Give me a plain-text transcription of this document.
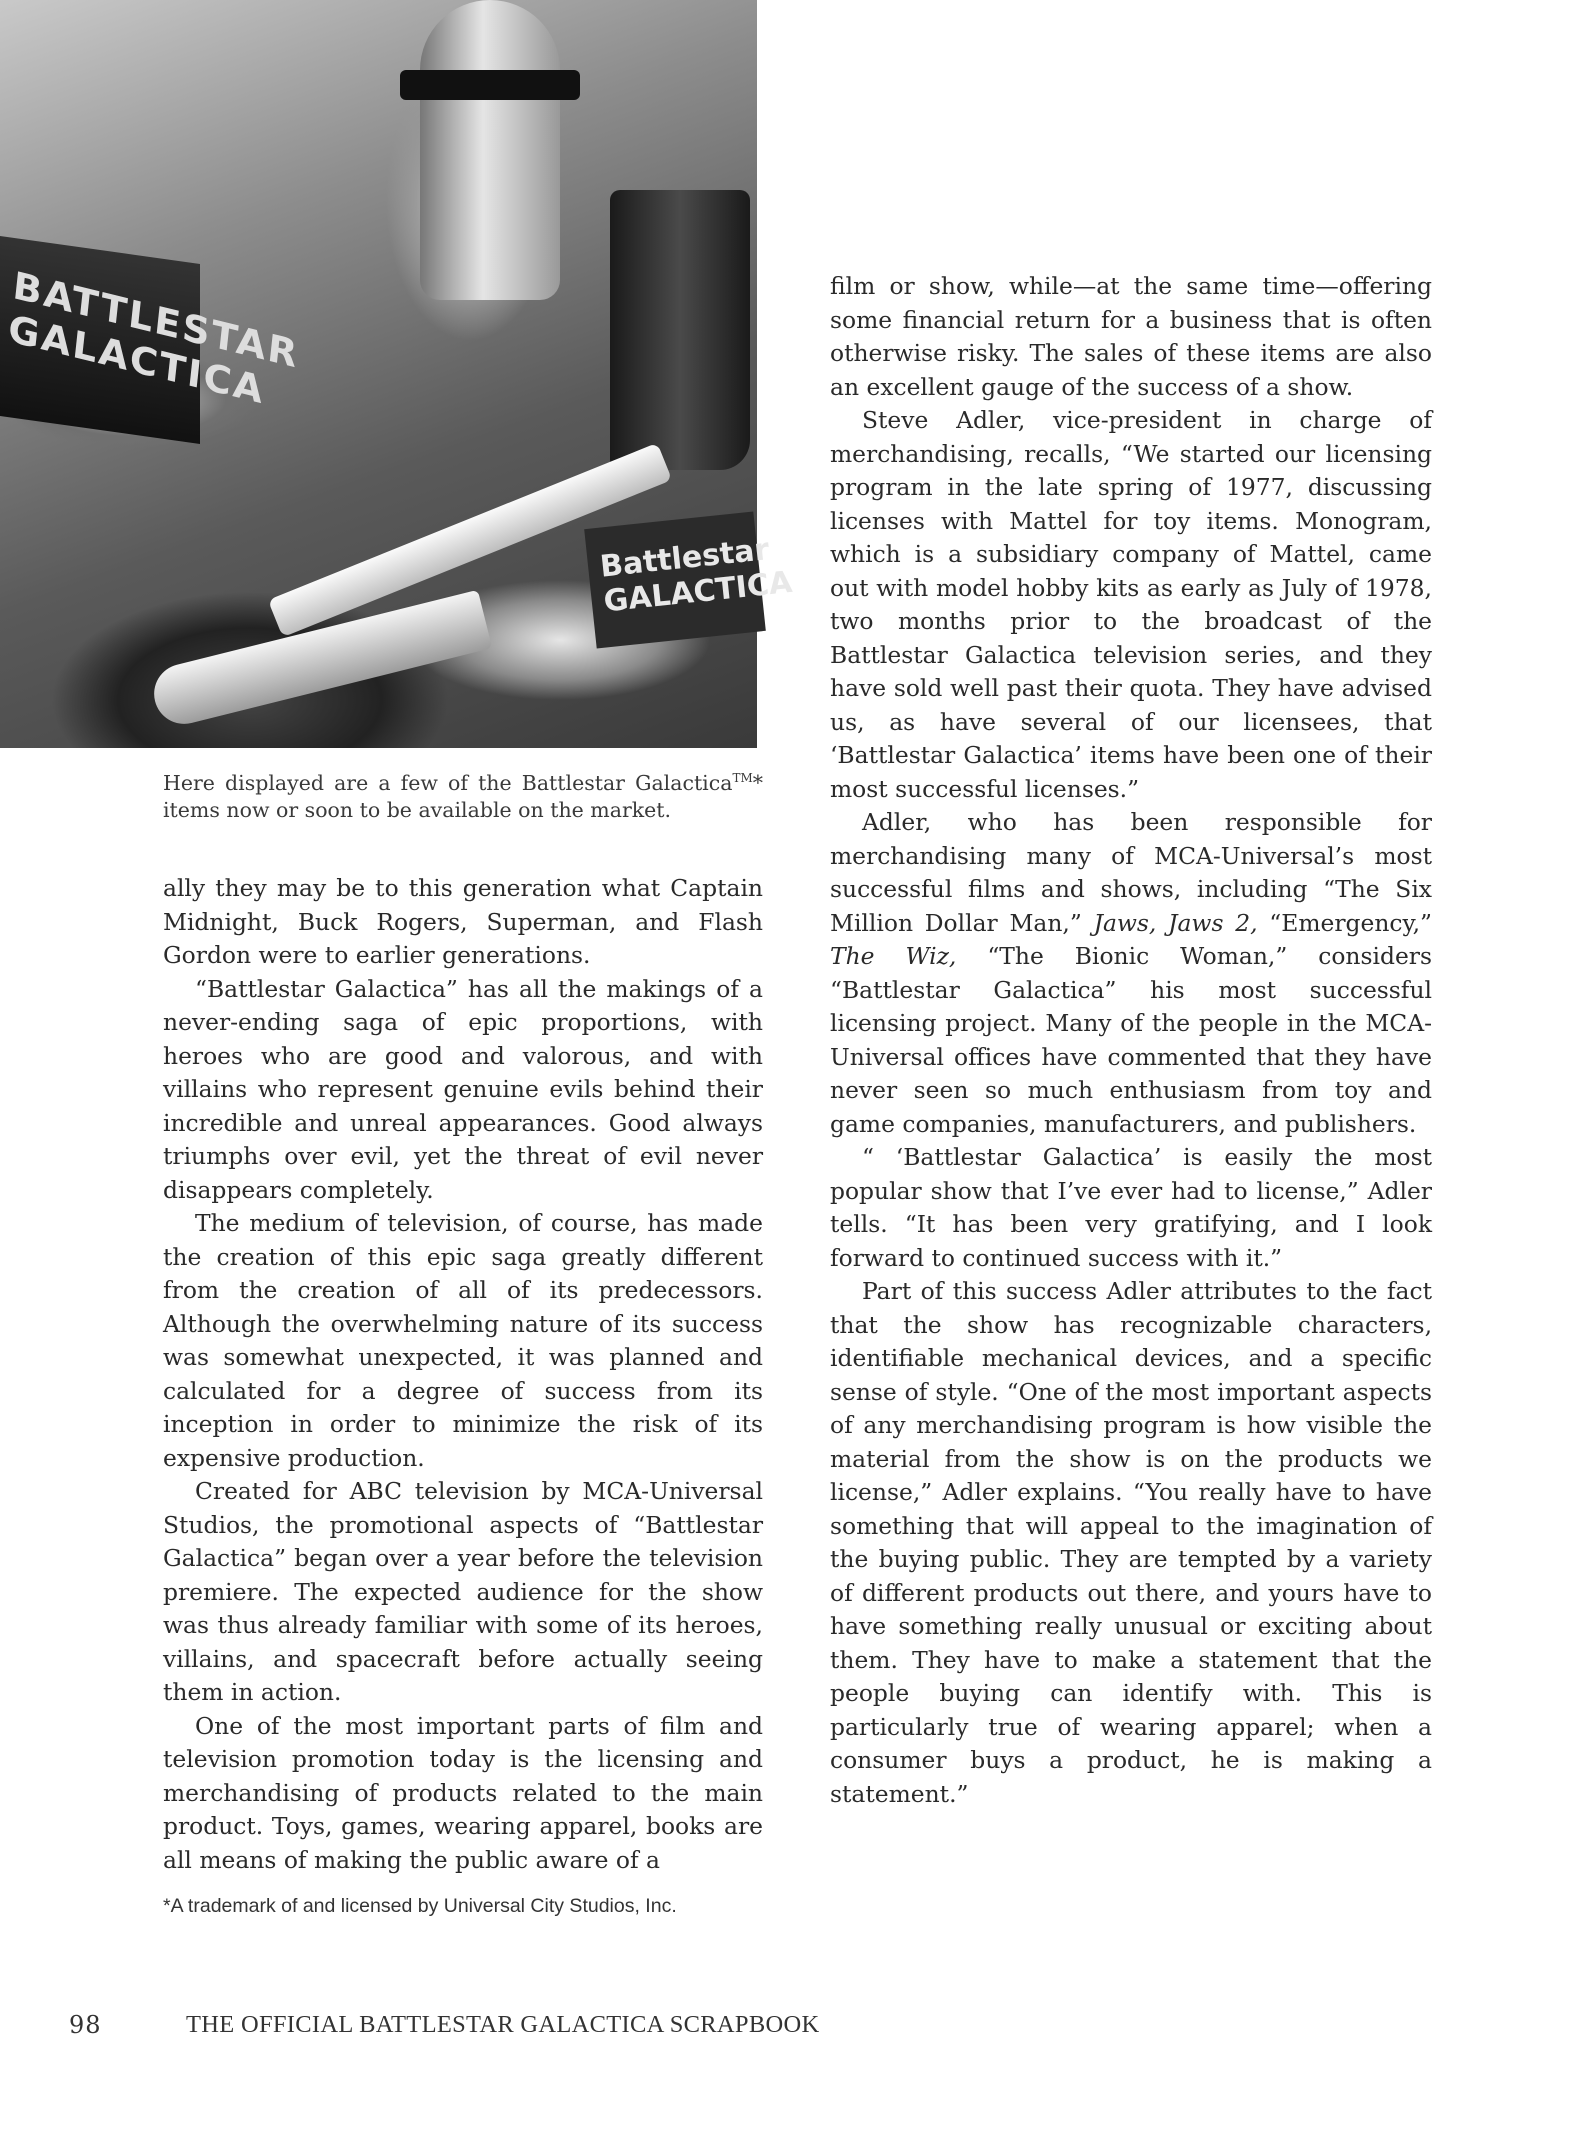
BATTLESTAR GALACTICA
Battlestar GALACTICA

Here displayed are a few of the Battlestar Galactica™* items now or soon to be available on the market.

ally they may be to this generation what Captain Midnight, Buck Rogers, Superman, and Flash Gordon were to earlier generations.

“Battlestar Galactica” has all the makings of a never-ending saga of epic proportions, with heroes who are good and valorous, and with villains who represent genuine evils behind their incredible and unreal appearances. Good always triumphs over evil, yet the threat of evil never disappears completely.

The medium of television, of course, has made the creation of this epic saga greatly different from the creation of all of its predecessors. Although the overwhelming nature of its success was somewhat unexpected, it was planned and calculated for a degree of success from its inception in order to minimize the risk of its expensive production.

Created for ABC television by MCA-Universal Studios, the promotional aspects of “Battlestar Galactica” began over a year before the television premiere. The expected audience for the show was thus already familiar with some of its heroes, villains, and spacecraft before actually seeing them in action.

One of the most important parts of film and television promotion today is the licensing and merchandising of products related to the main product. Toys, games, wearing apparel, books are all means of making the public aware of a

film or show, while—at the same time—offering some financial return for a business that is often otherwise risky. The sales of these items are also an excellent gauge of the success of a show.

Steve Adler, vice-president in charge of merchandising, recalls, “We started our licensing program in the late spring of 1977, discussing licenses with Mattel for toy items. Monogram, which is a subsidiary company of Mattel, came out with model hobby kits as early as July of 1978, two months prior to the broadcast of the Battlestar Galactica television series, and they have sold well past their quota. They have advised us, as have several of our licensees, that ‘Battlestar Galactica’ items have been one of their most successful licenses.”

Adler, who has been responsible for merchandising many of MCA-Universal’s most successful films and shows, including “The Six Million Dollar Man,” Jaws, Jaws 2, “Emergency,” The Wiz, “The Bionic Woman,” considers “Battlestar Galactica” his most successful licensing project. Many of the people in the MCA-Universal offices have commented that they have never seen so much enthusiasm from toy and game companies, manufacturers, and publishers.

“ ‘Battlestar Galactica’ is easily the most popular show that I’ve ever had to license,” Adler tells. “It has been very gratifying, and I look forward to continued success with it.”

Part of this success Adler attributes to the fact that the show has recognizable characters, identifiable mechanical devices, and a specific sense of style. “One of the most important aspects of any merchandising program is how visible the material from the show is on the products we license,” Adler explains. “You really have to have something that will appeal to the imagination of the buying public. They are tempted by a variety of different products out there, and yours have to have something really unusual or exciting about them. They have to make a statement that the people buying can identify with. This is particularly true of wearing apparel; when a consumer buys a product, he is making a statement.”

*A trademark of and licensed by Universal City Studios, Inc.

98	THE OFFICIAL BATTLESTAR GALACTICA SCRAPBOOK
